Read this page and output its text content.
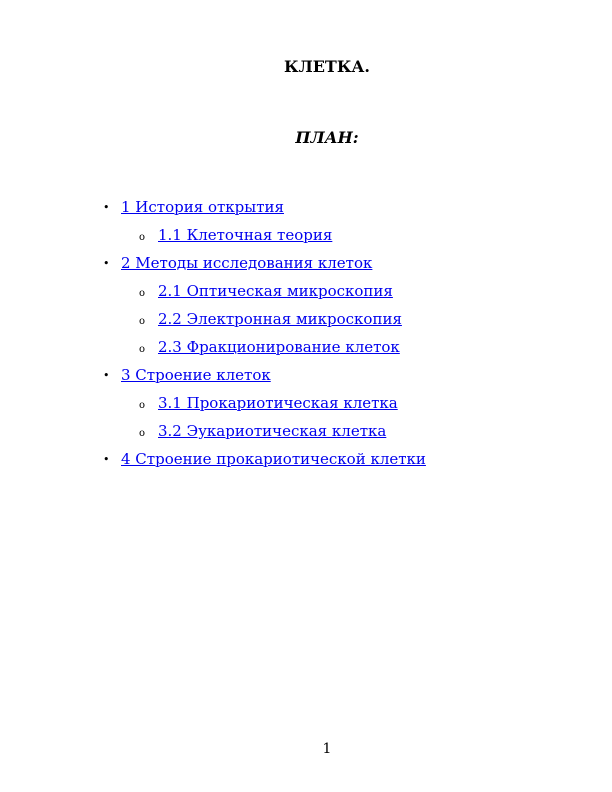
КЛЕТКА.
ПЛАН:
• 1 История открытия
o 1.1 Клеточная теория
• 2 Методы исследования клеток
o 2.1 Оптическая микроскопия
o 2.2 Электронная микроскопия
o 2.3 Фракционирование клеток
• 3 Строение клеток
o 3.1 Прокариотическая клетка
o 3.2 Эукариотическая клетка
• 4 Строение прокариотической клетки
1
